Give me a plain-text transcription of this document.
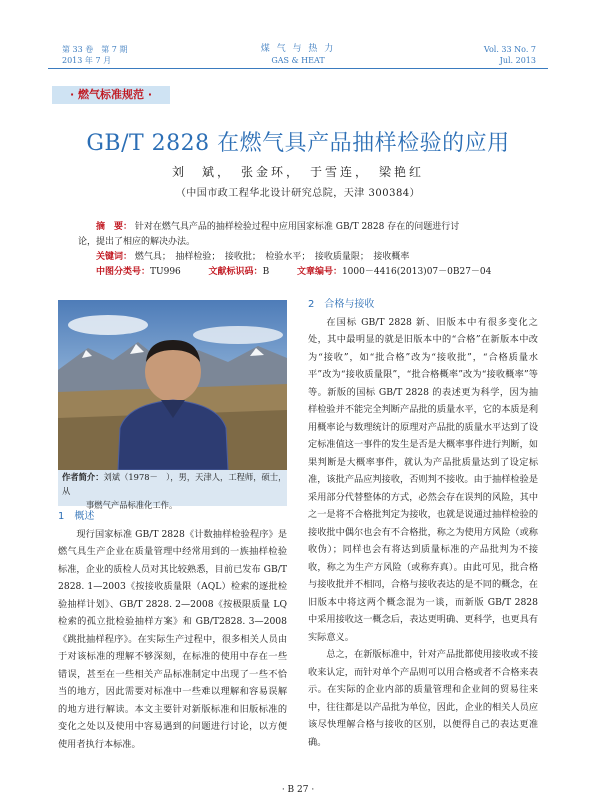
第 33 卷　第 7 期
2013 年 7 月
煤 气 与 热 力
GAS & HEAT
Vol. 33 No. 7
Jul. 2013
· 燃气标准规范 ·
GB/T 2828 在燃气具产品抽样检验的应用
刘　斌，　张金环，　于雪连，　梁艳红
（中国市政工程华北设计研究总院，天津 300384）
摘　要： 针对在燃气具产品的抽样检验过程中应用国家标准 GB/T 2828 存在的问题进行讨
论，提出了相应的解决办法。
关键词： 燃气具；　抽样检验；　接收批；　检验水平；　接收质量限；　接收概率
中图分类号：TU996	文献标识码：B	文章编号：1000－4416(2013)07－0B27－04
作者简介：刘斌（1978－　），男，天津人，工程师，硕士，从
事燃气产品标准化工作。
1　概述

现行国家标准 GB/T 2828《计数抽样检验程序》是燃气具生产企业在质量管理中经常用到的一族抽样检验标准，企业的质检人员对其比较熟悉，目前已发布 GB/T 2828. 1—2003《按接收质量限（AQL）检索的逐批检验抽样计划》、GB/T 2828. 2—2008《按极限质量 LQ 检索的孤立批检验抽样方案》和 GB/T2828. 3—2008《跳批抽样程序》。在实际生产过程中，很多相关人员由于对该标准的理解不够深刻，在标准的使用中存在一些错误，甚至在一些相关产品标准制定中出现了一些不恰当的地方，因此需要对标准中一些难以理解和容易误解的地方进行解读。本文主要针对新版标准和旧版标准的变化之处以及使用中容易遇到的问题进行讨论，以方便使用者执行本标准。

2　合格与接收

在国标 GB/T 2828 新、旧版本中有很多变化之处，其中最明显的就是旧版本中的“合格”在新版本中改为“接收”，如“批合格”改为“接收批”，“合格质量水平”改为“接收质量限”，“批合格概率”改为“接收概率”等等。新版的国标 GB/T 2828 的表述更为科学，因为抽样检验并不能完全判断产品批的质量水平，它的本质是利用概率论与数理统计的原理对产品批的质量水平达到了设定标准值这一事件的发生是否是大概率事件进行判断，如果判断是大概率事件，就认为产品批质量达到了设定标准，该批产品应判接收，否则判不接收。由于抽样检验是采用部分代替整体的方式，必然会存在误判的风险，其中之一是将不合格批判定为接收，也就是说通过抽样检验的接收批中偶尔也会有不合格批，称之为使用方风险（或称收伪）；同样也会有将达到质量标准的产品批判为不接收，称之为生产方风险（或称弃真）。由此可见，批合格与接收批并不相同，合格与接收表达的是不同的概念，在旧版本中将这两个概念混为一谈，而新版 GB/T 2828 中采用接收这一概念后，表达更明确、更科学，也更具有实际意义。

总之，在新版标准中，针对产品批都使用接收或不接收来认定，而针对单个产品则可以用合格或者不合格来表示。在实际的企业内部的质量管理和企业间的贸易往来中，往往都是以产品批为单位，因此，企业的相关人员应该尽快理解合格与接收的区别，以便得自己的表达更准确。

· B 27 ·
